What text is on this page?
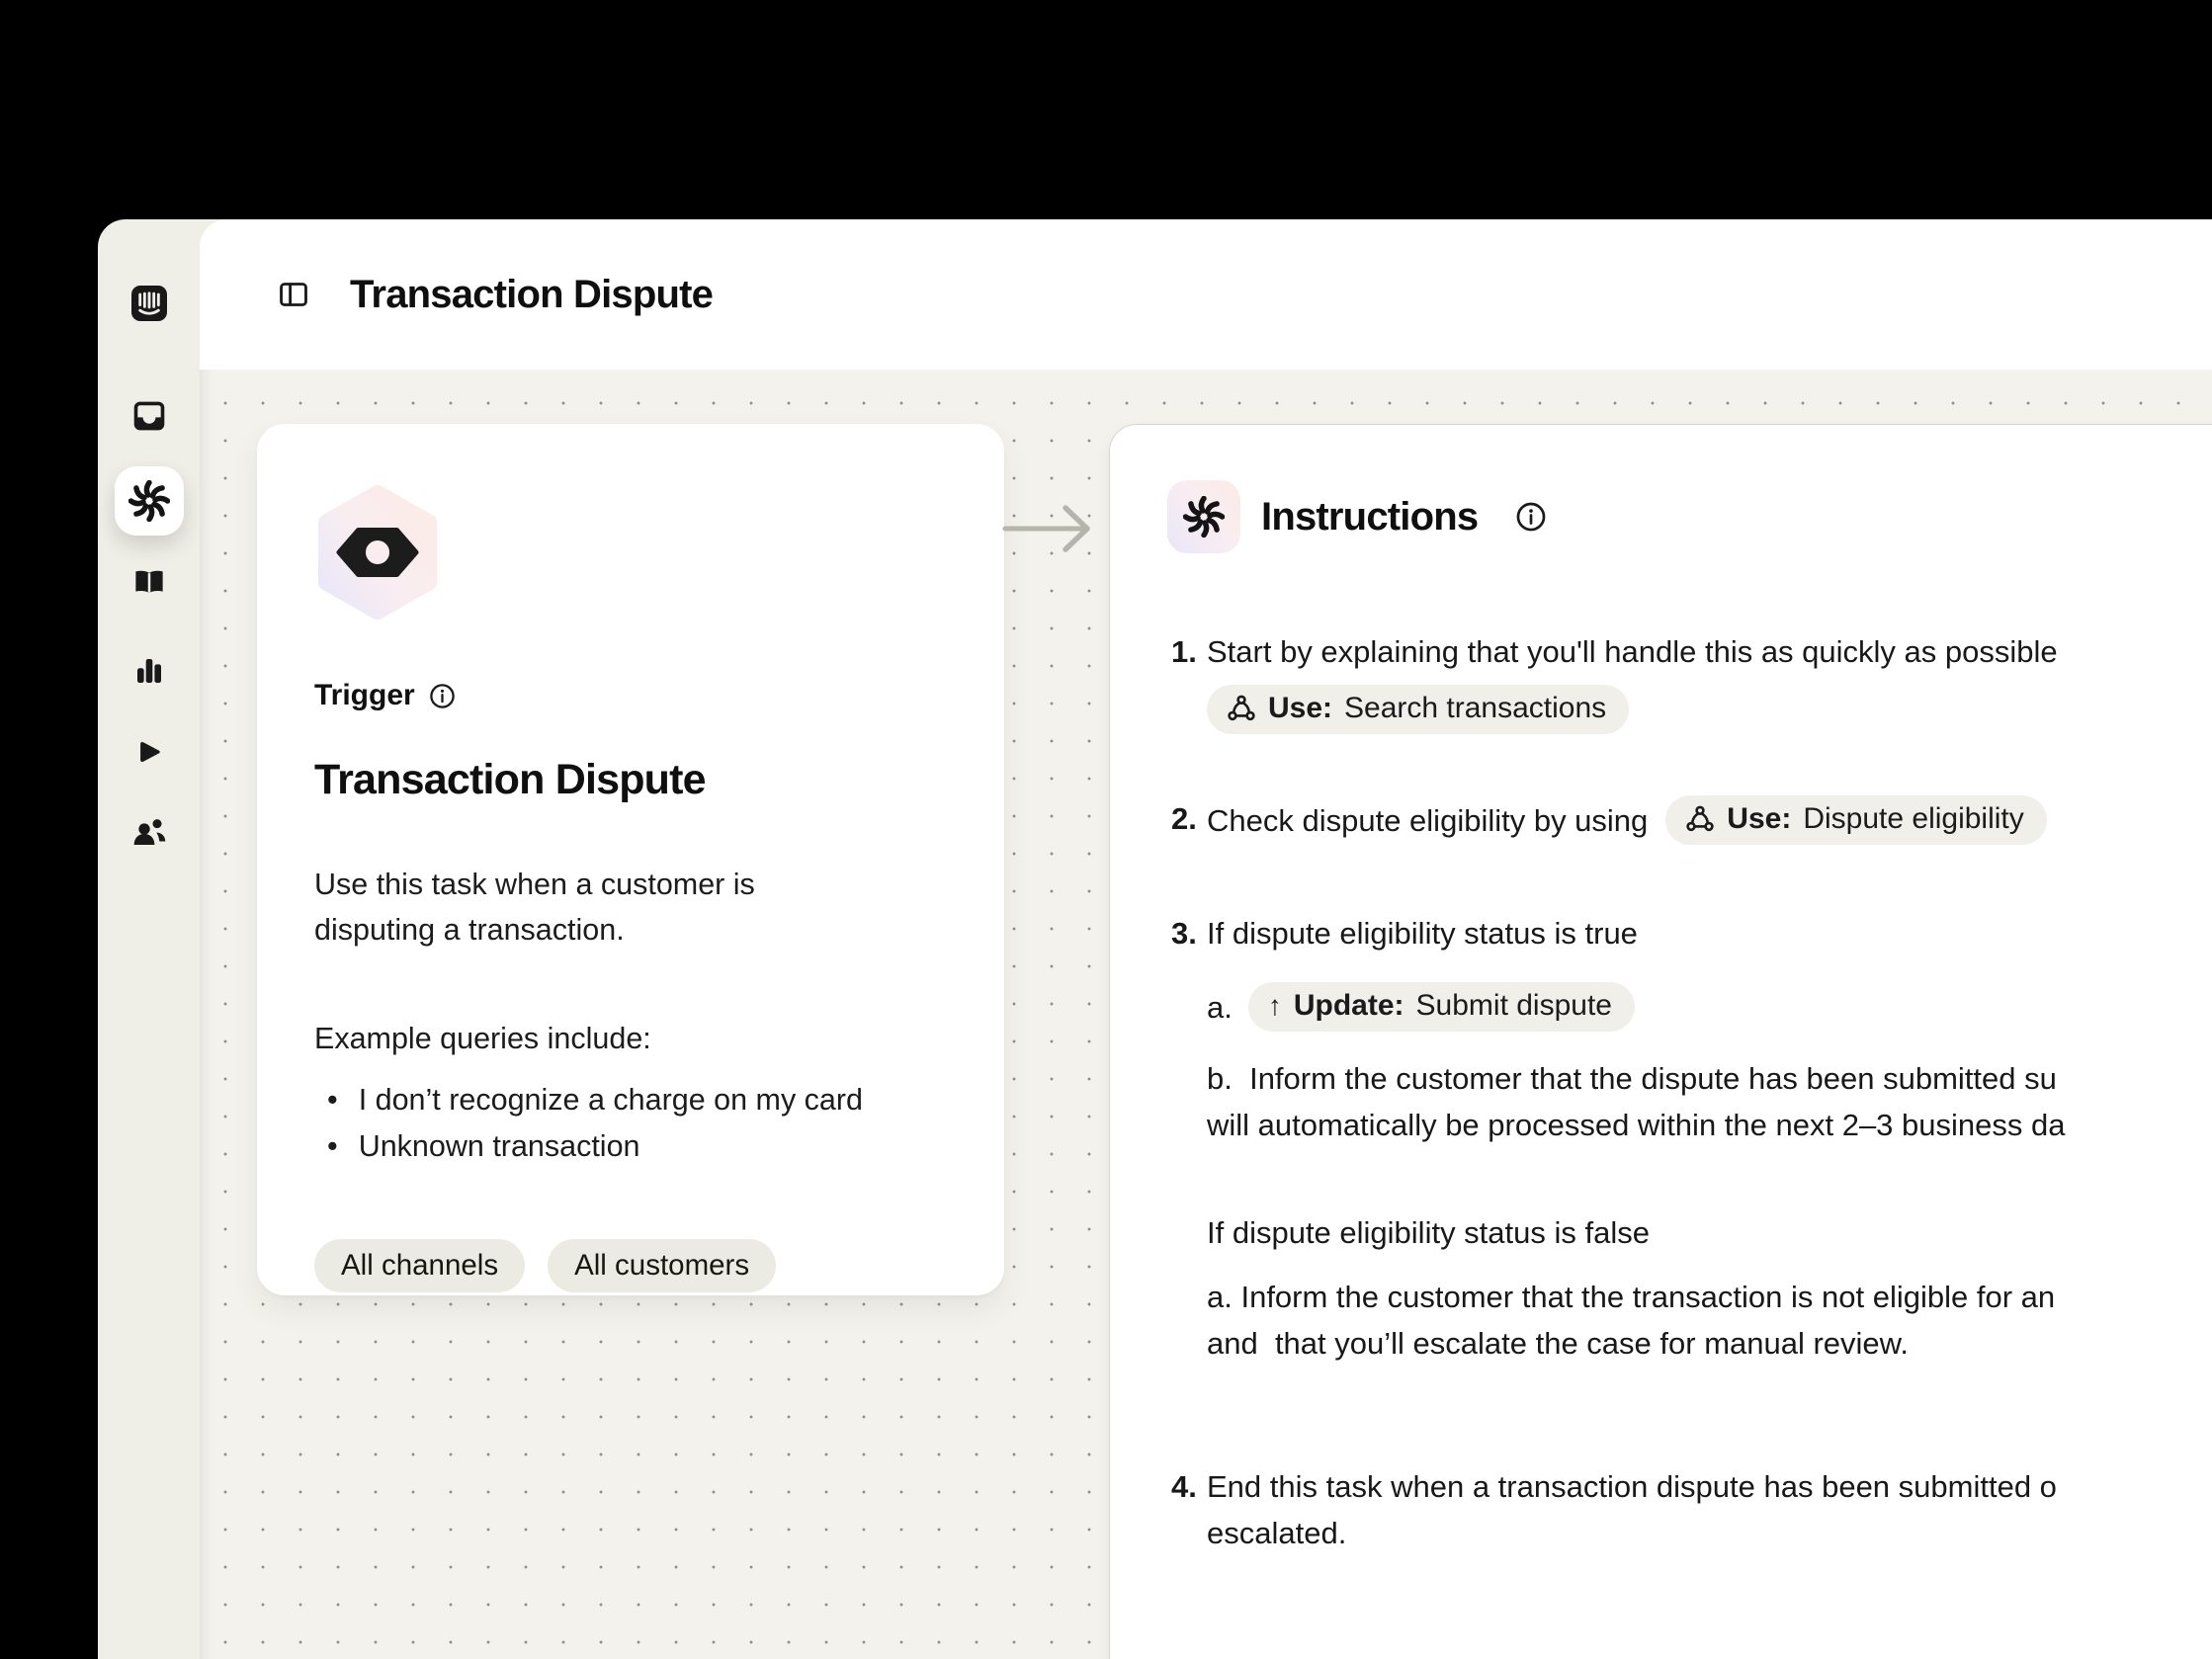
Transaction Dispute
Trigger
Transaction Dispute
Use this task when a customer is
disputing a transaction.
Example queries include:
• I don’t recognize a charge on my card
• Unknown transaction
All channels	All customers
Instructions
1. Start by explaining that you'll handle this as quickly as possible
Use: Search transactions
2. Check dispute eligibility by using	Use: Dispute eligibility
3. If dispute eligibility status is true
a. ↑ Update: Submit dispute
b.  Inform the customer that the dispute has been submitted su
will automatically be processed within the next 2–3 business da
If dispute eligibility status is false
a. Inform the customer that the transaction is not eligible for an
and  that you’ll escalate the case for manual review.
4. End this task when a transaction dispute has been submitted o
escalated.
